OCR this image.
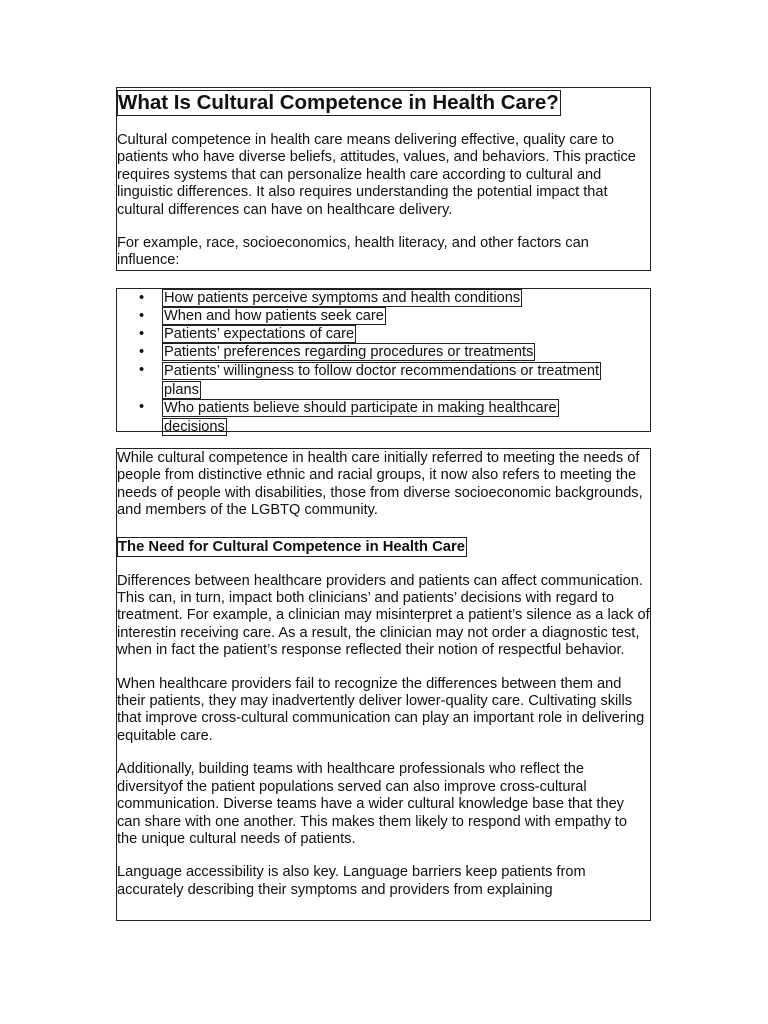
What Is Cultural Competence in Health Care?

Cultural competence in health care means delivering effective, quality care to patients who have diverse beliefs, attitudes, values, and behaviors. This practice requires systems that can personalize health care according to cultural and linguistic differences. It also requires understanding the potential impact that cultural differences can have on healthcare delivery.

For example, race, socioeconomics, health literacy, and other factors can influence:

• How patients perceive symptoms and health conditions
• When and how patients seek care
• Patients’ expectations of care
• Patients’ preferences regarding procedures or treatments
• Patients’ willingness to follow doctor recommendations or treatment
plans
• Who patients believe should participate in making healthcare
decisions

While cultural competence in health care initially referred to meeting the needs of people from distinctive ethnic and racial groups, it now also refers to meeting the needs of people with disabilities, those from diverse socioeconomic backgrounds, and members of the LGBTQ community.

The Need for Cultural Competence in Health Care

Differences between healthcare providers and patients can affect communication. This can, in turn, impact both clinicians’ and patients’ decisions with regard to treatment. For example, a clinician may misinterpret a patient’s silence as a lack of interestin receiving care. As a result, the clinician may not order a diagnostic test, when in fact the patient’s response reflected their notion of respectful behavior.

When healthcare providers fail to recognize the differences between them and their patients, they may inadvertently deliver lower-quality care. Cultivating skills that improve cross-cultural communication can play an important role in delivering equitable care.

Additionally, building teams with healthcare professionals who reflect the diversityof the patient populations served can also improve cross-cultural communication. Diverse teams have a wider cultural knowledge base that they can share with one another. This makes them likely to respond with empathy to the unique cultural needs of patients.

Language accessibility is also key. Language barriers keep patients from accurately describing their symptoms and providers from explaining
